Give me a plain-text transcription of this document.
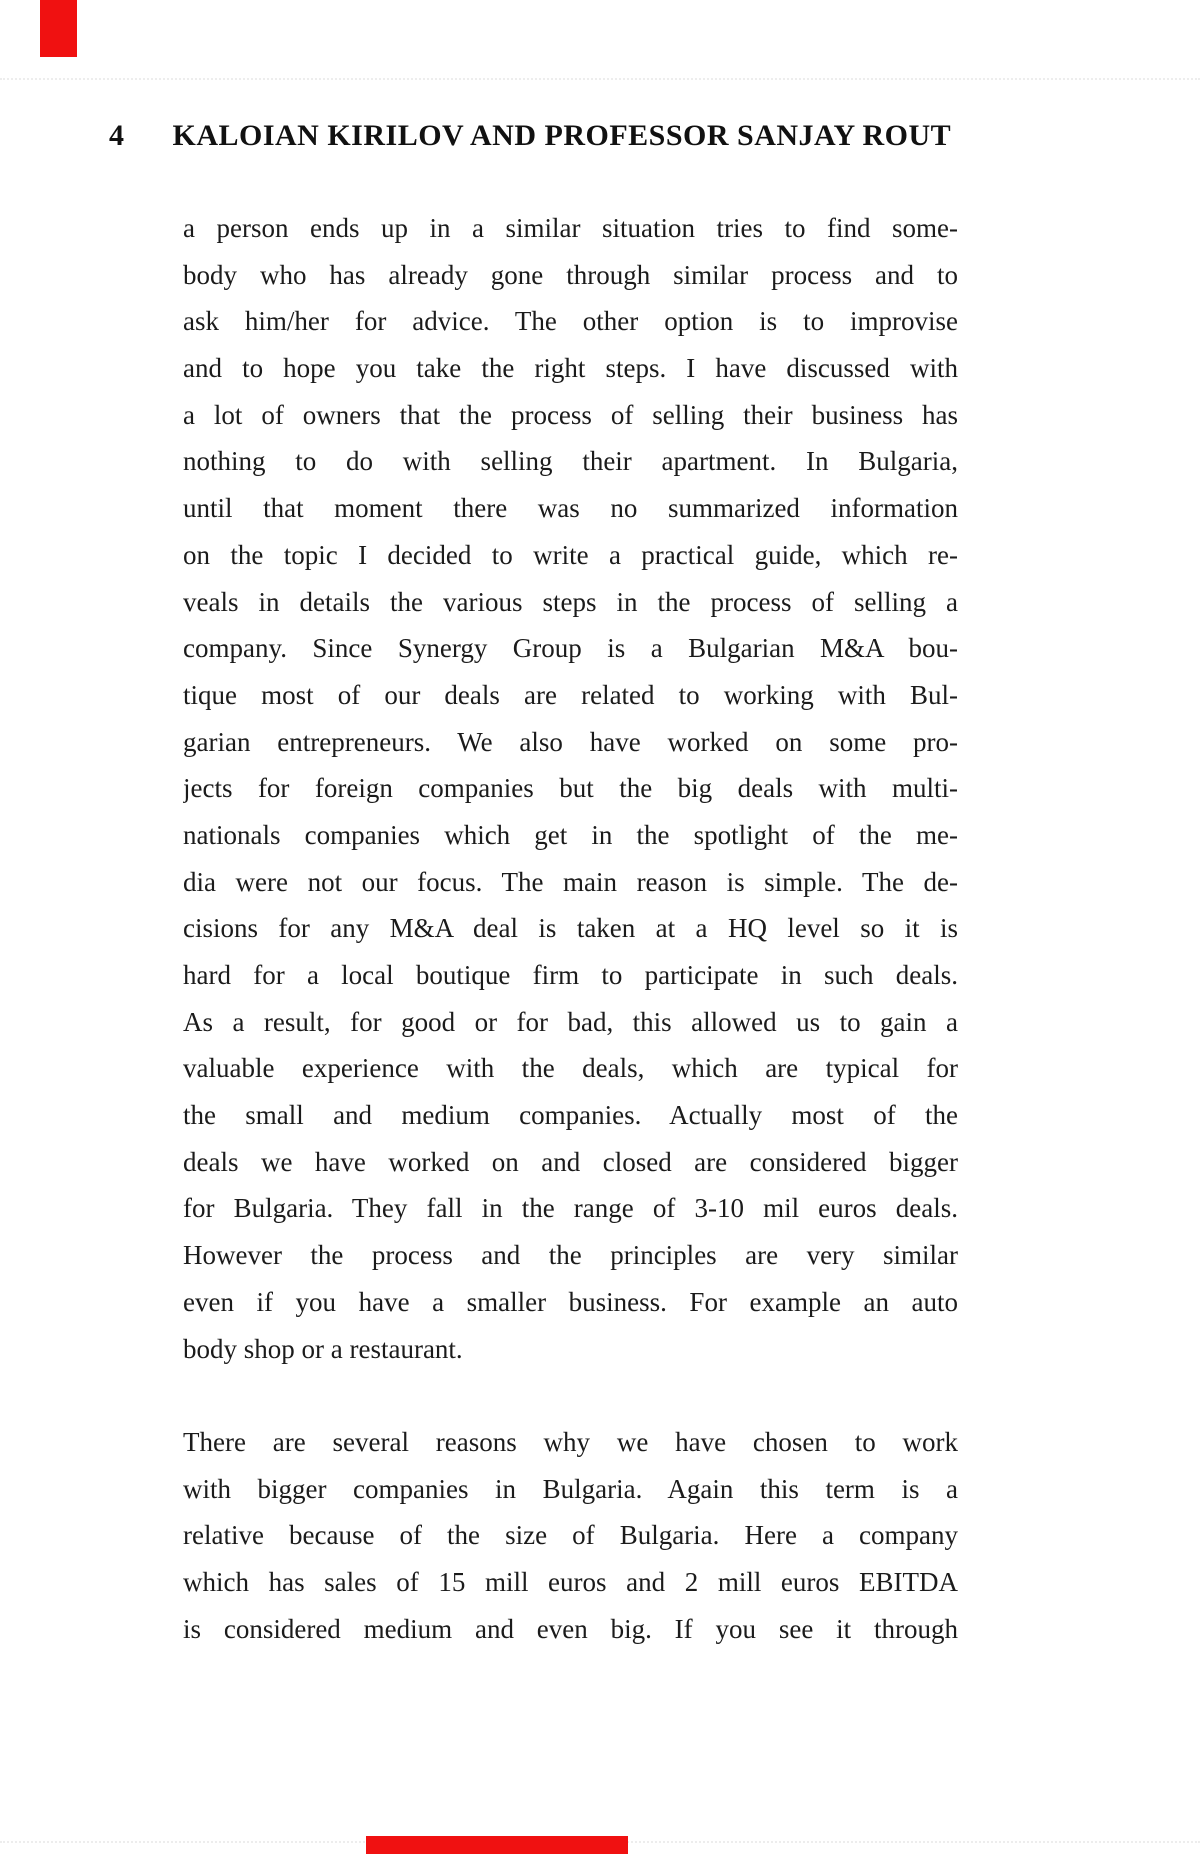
4 KALOIAN KIRILOV AND PROFESSOR SANJAY ROUT
a person ends up in a similar situation tries to find some-
body who has already gone through similar process and to
ask him/her for advice. The other option is to improvise
and to hope you take the right steps. I have discussed with
a lot of owners that the process of selling their business has
nothing to do with selling their apartment. In Bulgaria,
until that moment there was no summarized information
on the topic I decided to write a practical guide, which re-
veals in details the various steps in the process of selling a
company. Since Synergy Group is a Bulgarian M&A bou-
tique most of our deals are related to working with Bul-
garian entrepreneurs. We also have worked on some pro-
jects for foreign companies but the big deals with multi-
nationals companies which get in the spotlight of the me-
dia were not our focus. The main reason is simple. The de-
cisions for any M&A deal is taken at a HQ level so it is
hard for a local boutique firm to participate in such deals.
As a result, for good or for bad, this allowed us to gain a
valuable experience with the deals, which are typical for
the small and medium companies. Actually most of the
deals we have worked on and closed are considered bigger
for Bulgaria. They fall in the range of 3-10 mil euros deals.
However the process and the principles are very similar
even if you have a smaller business. For example an auto
body shop or a restaurant.
There are several reasons why we have chosen to work
with bigger companies in Bulgaria. Again this term is a
relative because of the size of Bulgaria. Here a company
which has sales of 15 mill euros and 2 mill euros EBITDA
is considered medium and even big. If you see it through
